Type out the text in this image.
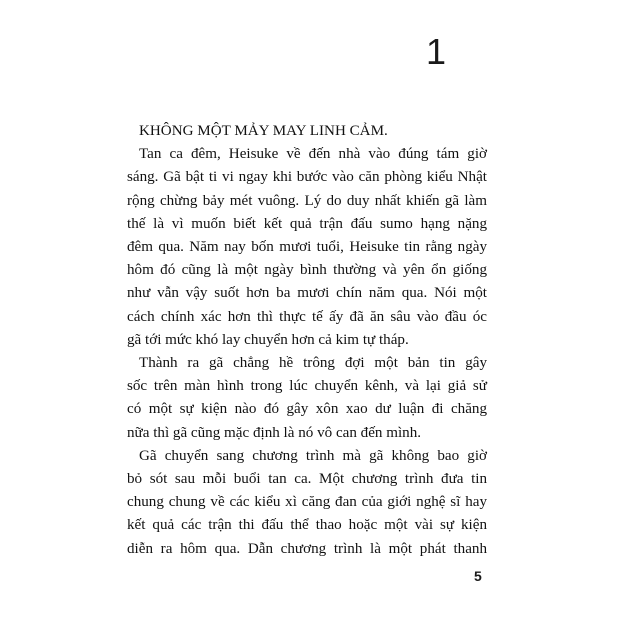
1
KHÔNG MỘT MẢY MAY LINH CẢM.
Tan ca đêm, Heisuke về đến nhà vào đúng tám giờ
sáng. Gã bật ti vi ngay khi bước vào căn phòng kiểu Nhật
rộng chừng bảy mét vuông. Lý do duy nhất khiến gã làm
thế là vì muốn biết kết quả trận đấu sumo hạng nặng
đêm qua. Năm nay bốn mươi tuổi, Heisuke tin rằng ngày
hôm đó cũng là một ngày bình thường và yên ổn giống
như vẫn vậy suốt hơn ba mươi chín năm qua. Nói một
cách chính xác hơn thì thực tế ấy đã ăn sâu vào đầu óc
gã tới mức khó lay chuyển hơn cả kim tự tháp.
Thành ra gã chẳng hề trông đợi một bản tin gây
sốc trên màn hình trong lúc chuyển kênh, và lại giả sử
có một sự kiện nào đó gây xôn xao dư luận đi chăng
nữa thì gã cũng mặc định là nó vô can đến mình.
Gã chuyển sang chương trình mà gã không bao giờ
bỏ sót sau mỗi buổi tan ca. Một chương trình đưa tin
chung chung về các kiểu xì căng đan của giới nghệ sĩ hay
kết quả các trận thi đấu thể thao hoặc một vài sự kiện
diễn ra hôm qua. Dẫn chương trình là một phát thanh
5
